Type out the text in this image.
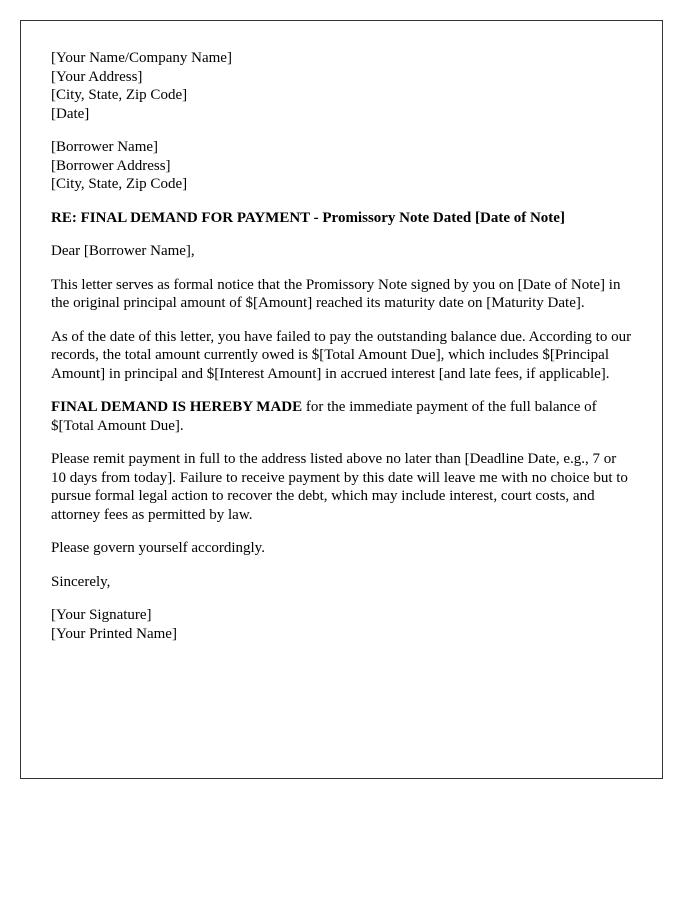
[Your Name/Company Name]
[Your Address]
[City, State, Zip Code]
[Date]
[Borrower Name]
[Borrower Address]
[City, State, Zip Code]

RE: FINAL DEMAND FOR PAYMENT - Promissory Note Dated [Date of Note]

Dear [Borrower Name],

This letter serves as formal notice that the Promissory Note signed by you on [Date of Note] in the original principal amount of $[Amount] reached its maturity date on [Maturity Date].

As of the date of this letter, you have failed to pay the outstanding balance due. According to our records, the total amount currently owed is $[Total Amount Due], which includes $[Principal Amount] in principal and $[Interest Amount] in accrued interest [and late fees, if applicable].

FINAL DEMAND IS HEREBY MADE for the immediate payment of the full balance of $[Total Amount Due].

Please remit payment in full to the address listed above no later than [Deadline Date, e.g., 7 or 10 days from today]. Failure to receive payment by this date will leave me with no choice but to pursue formal legal action to recover the debt, which may include interest, court costs, and attorney fees as permitted by law.

Please govern yourself accordingly.

Sincerely,

[Your Signature]
[Your Printed Name]
